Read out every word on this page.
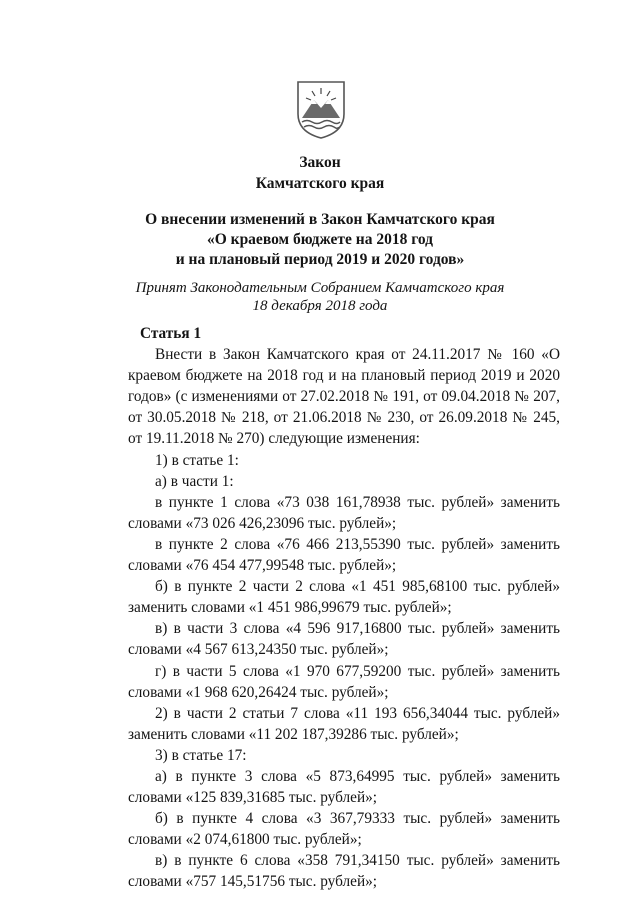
Закон
Камчатского края
О внесении изменений в Закон Камчатского края
«О краевом бюджете на 2018 год
и на плановый период 2019 и 2020 годов»
Принят Законодательным Собранием Камчатского края
18 декабря 2018 года

Статья 1

Внести в Закон Камчатского края от 24.11.2017 № 160 «О краевом бюджете на 2018 год и на плановый период 2019 и 2020 годов» (с изменениями от 27.02.2018 № 191, от 09.04.2018 № 207, от 30.05.2018 № 218, от 21.06.2018 № 230, от 26.09.2018 № 245, от 19.11.2018 № 270) следующие изменения:

1) в статье 1:

а) в части 1:

в пункте 1 слова «73 038 161,78938 тыс. рублей» заменить словами «73 026 426,23096 тыс. рублей»;

в пункте 2 слова «76 466 213,55390 тыс. рублей» заменить словами «76 454 477,99548 тыс. рублей»;

б) в пункте 2 части 2 слова «1 451 985,68100 тыс. рублей» заменить словами «1 451 986,99679 тыс. рублей»;

в) в части 3 слова «4 596 917,16800 тыс. рублей» заменить словами «4 567 613,24350 тыс. рублей»;

г) в части 5 слова «1 970 677,59200 тыс. рублей» заменить словами «1 968 620,26424 тыс. рублей»;

2) в части 2 статьи 7 слова «11 193 656,34044 тыс. рублей» заменить словами «11 202 187,39286 тыс. рублей»;

3) в статье 17:

а) в пункте 3 слова «5 873,64995 тыс. рублей» заменить словами «125 839,31685 тыс. рублей»;

б) в пункте 4 слова «3 367,79333 тыс. рублей» заменить словами «2 074,61800 тыс. рублей»;

в) в пункте 6 слова «358 791,34150 тыс. рублей» заменить словами «757 145,51756 тыс. рублей»;
